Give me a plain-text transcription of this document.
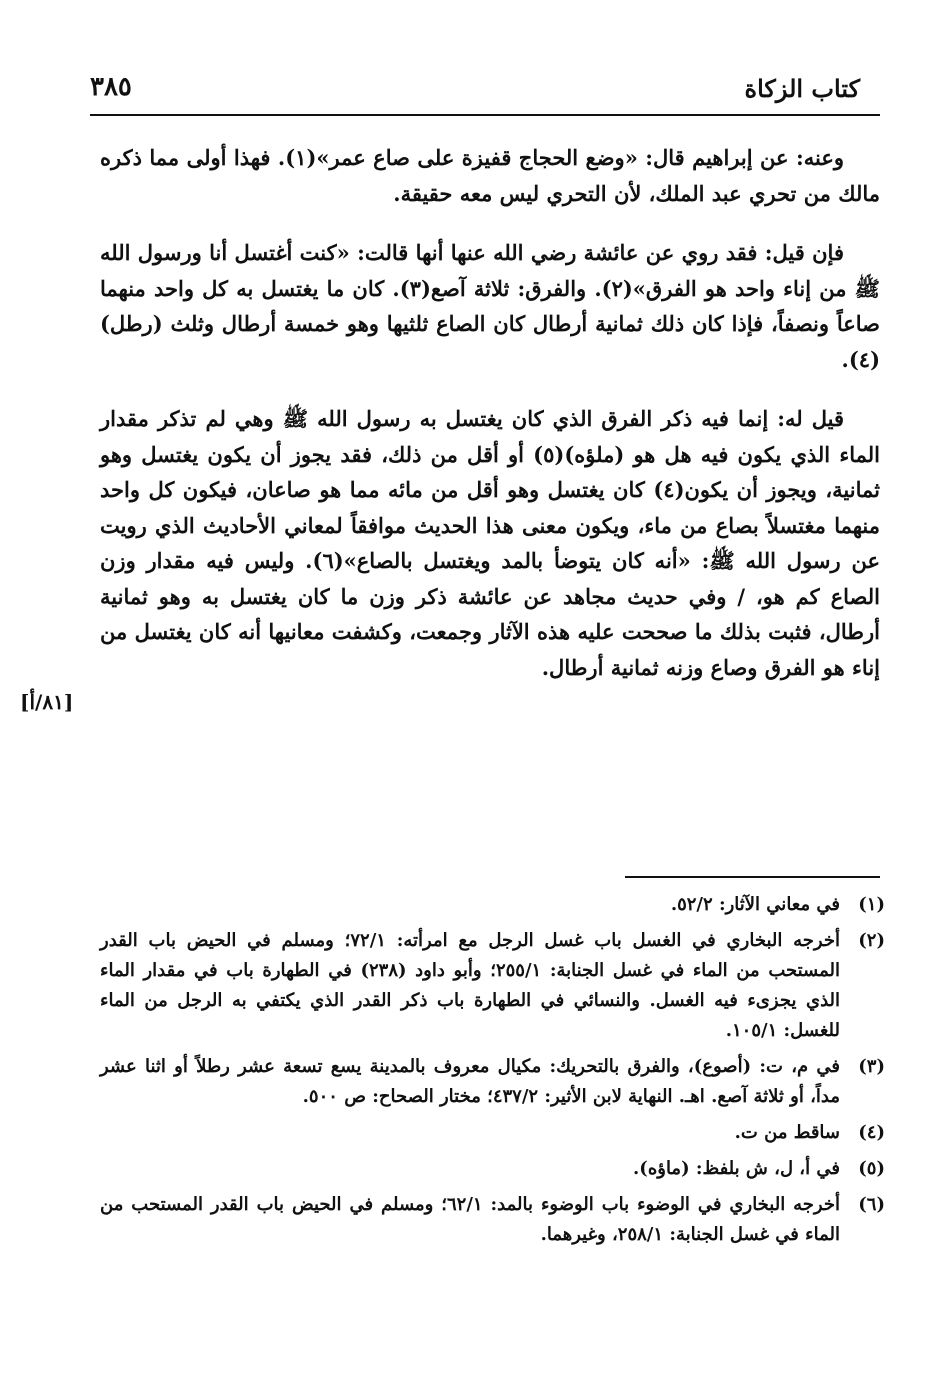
كتاب الزكاة
٣٨٥

وعنه: عن إبراهيم قال: «وضع الحجاج قفيزة على صاع عمر»(١). فهذا أولى مما ذكره مالك من تحري عبد الملك، لأن التحري ليس معه حقيقة.

فإن قيل: فقد روي عن عائشة رضي الله عنها أنها قالت: «كنت أغتسل أنا ورسول الله ﷺ من إناء واحد هو الفرق»(٢). والفرق: ثلاثة آصع(٣). كان ما يغتسل به كل واحد منهما صاعاً ونصفاً، فإذا كان ذلك ثمانية أرطال كان الصاع ثلثيها وهو خمسة أرطال وثلث (رطل)(٤).

قيل له: إنما فيه ذكر الفرق الذي كان يغتسل به رسول الله ﷺ وهي لم تذكر مقدار الماء الذي يكون فيه هل هو (ملؤه)(٥) أو أقل من ذلك، فقد يجوز أن يكون يغتسل وهو ثمانية، ويجوز أن يكون(٤) كان يغتسل وهو أقل من مائه مما هو صاعان، فيكون كل واحد منهما مغتسلاً بصاع من ماء، ويكون معنى هذا الحديث موافقاً لمعاني الأحاديث الذي رويت عن رسول الله ﷺ: «أنه كان يتوضأ بالمد ويغتسل بالصاع»(٦). وليس فيه مقدار وزن الصاع كم هو، / وفي حديث مجاهد عن عائشة ذكر وزن ما كان يغتسل به وهو ثمانية أرطال، فثبت بذلك ما صححت عليه هذه الآثار وجمعت، وكشفت معانيها أنه كان يغتسل من إناء هو الفرق وصاع وزنه ثمانية أرطال.

[٨١/أ]
(١)
في معاني الآثار: ٥٢/٢.
(٢)
أخرجه البخاري في الغسل باب غسل الرجل مع امرأته: ٧٢/١؛ ومسلم في الحيض باب القدر المستحب من الماء في غسل الجنابة: ٢٥٥/١؛ وأبو داود (٢٣٨) في الطهارة باب في مقدار الماء الذي يجزىء فيه الغسل. والنسائي في الطهارة باب ذكر القدر الذي يكتفي به الرجل من الماء للغسل: ١٠٥/١.
(٣)
في م، ت: (أصوع)، والفرق بالتحريك: مكيال معروف بالمدينة يسع تسعة عشر رطلاً أو اثنا عشر مداً، أو ثلاثة آصع. اهـ. النهاية لابن الأثير: ٤٣٧/٢؛ مختار الصحاح: ص ٥٠٠.
(٤)
ساقط من ت.
(٥)
في أ، ل، ش بلفظ: (ماؤه).
(٦)
أخرجه البخاري في الوضوء باب الوضوء بالمد: ٦٢/١؛ ومسلم في الحيض باب القدر المستحب من الماء في غسل الجنابة: ٢٥٨/١، وغيرهما.
